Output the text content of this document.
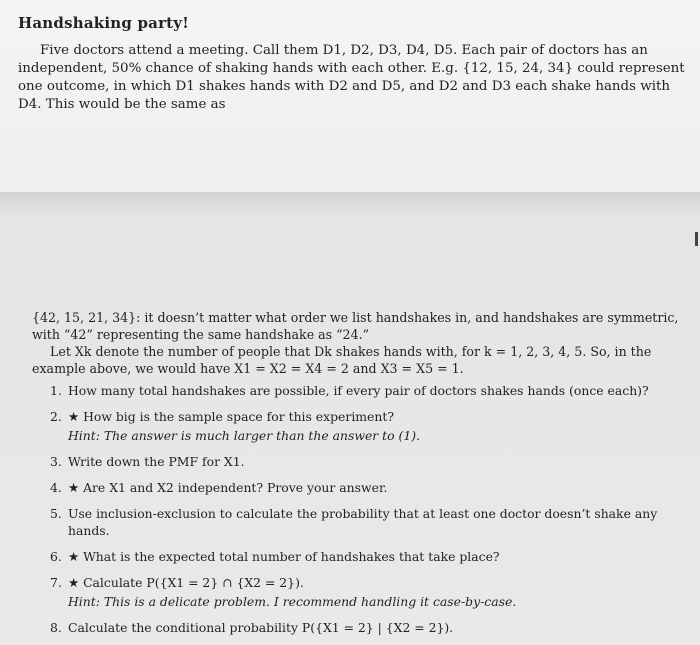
Handshaking party!
Five doctors attend a meeting. Call them D1, D2, D3, D4, D5. Each pair of doctors has an independent, 50% chance of shaking hands with each other. E.g. {12, 15, 24, 34} could represent one outcome, in which D1 shakes hands with D2 and D5, and D2 and D3 each shake hands with D4. This would be the same as
{42, 15, 21, 34}: it doesn’t matter what order we list handshakes in, and handshakes are symmetric, with “42” representing the same handshake as “24.”
Let Xk denote the number of people that Dk shakes hands with, for k = 1, 2, 3, 4, 5. So, in the example above, we would have X1 = X2 = X4 = 2 and X3 = X5 = 1.
1. How many total handshakes are possible, if every pair of doctors shakes hands (once each)?
2. ★ How big is the sample space for this experiment?
Hint: The answer is much larger than the answer to (1).
3. Write down the PMF for X1.
4. ★ Are X1 and X2 independent? Prove your answer.
5. Use inclusion-exclusion to calculate the probability that at least one doctor doesn’t shake any hands.
6. ★ What is the expected total number of handshakes that take place?
7. ★ Calculate P({X1 = 2} ∩ {X2 = 2}).
Hint: This is a delicate problem. I recommend handling it case-by-case.
8. Calculate the conditional probability P({X1 = 2} | {X2 = 2}).
